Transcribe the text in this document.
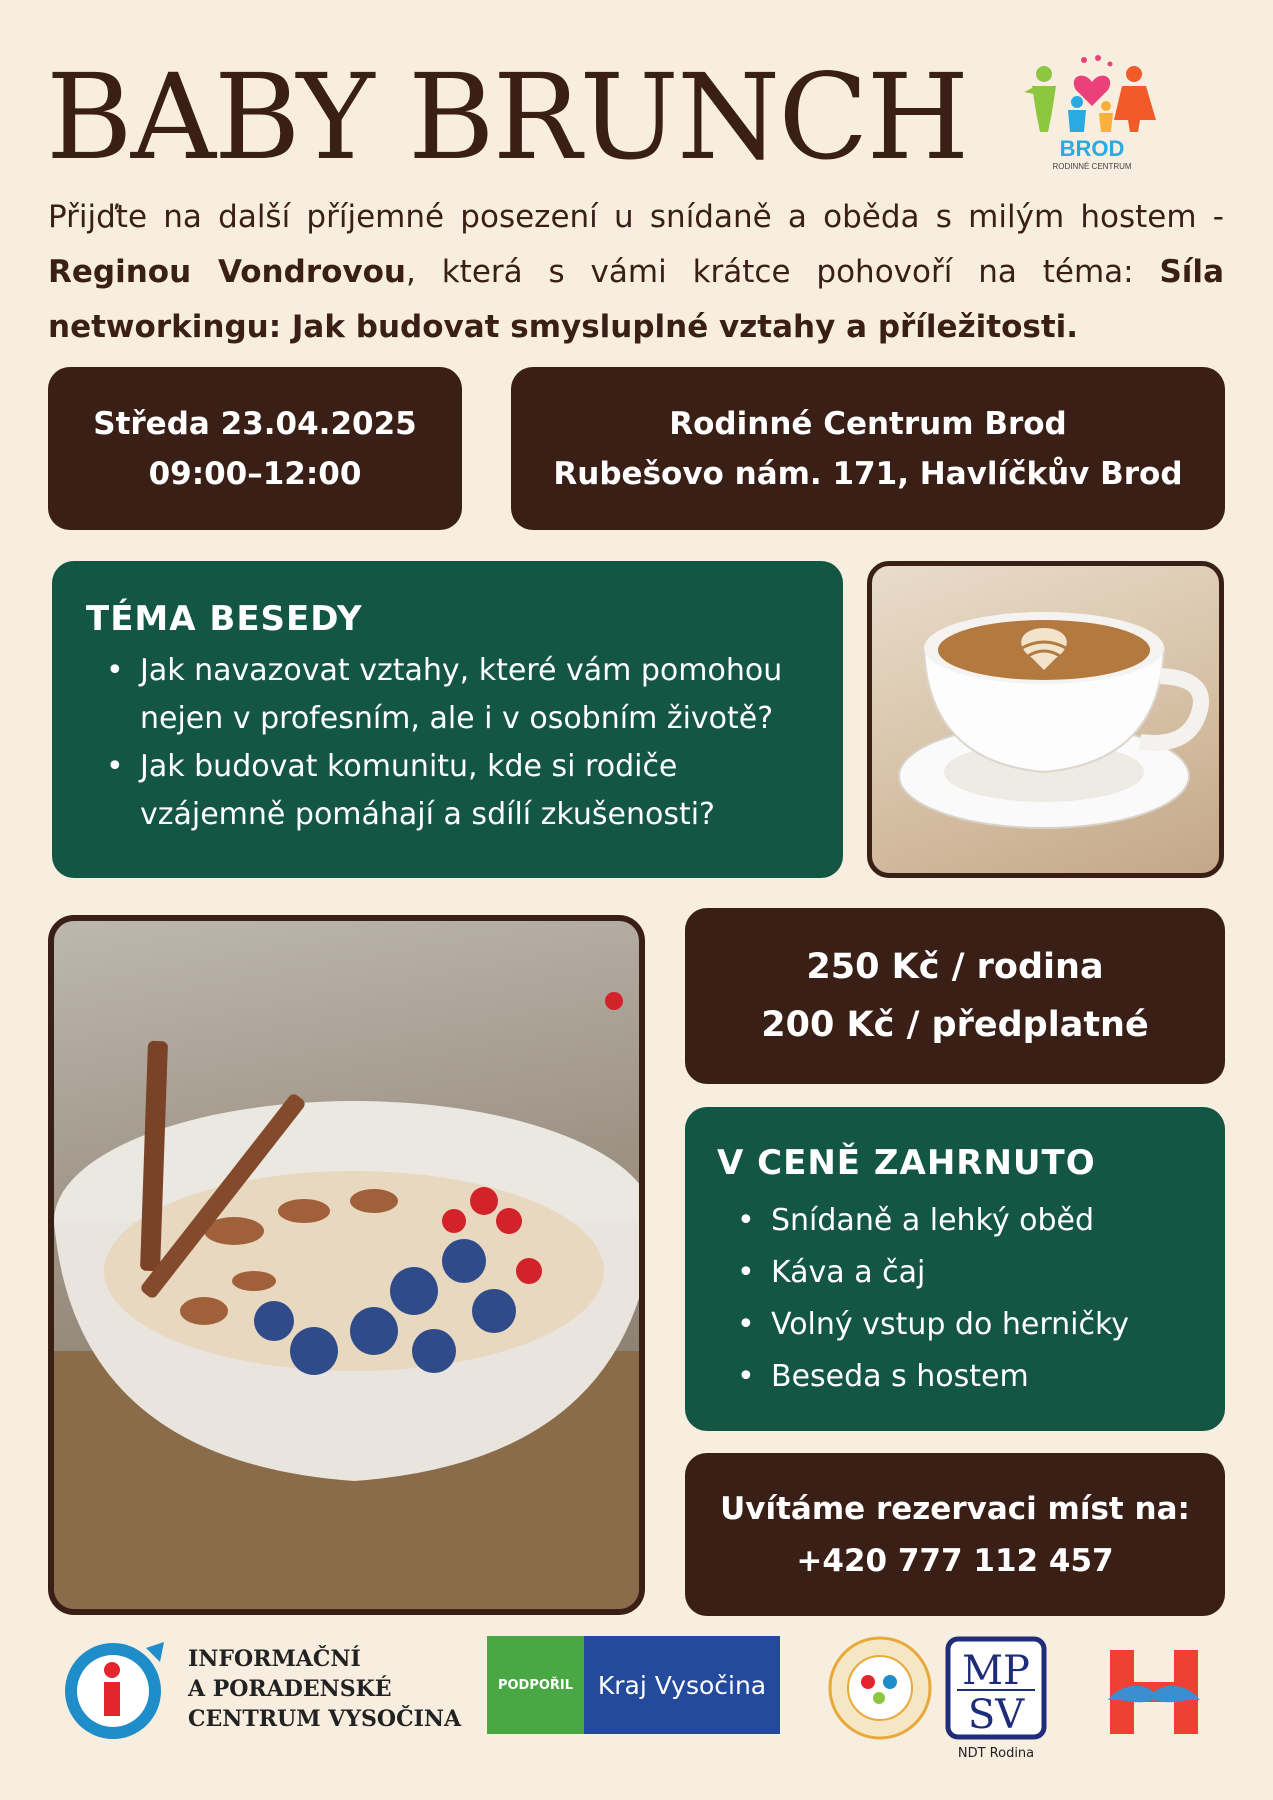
BABY BRUNCH	BROD
RODINNÉ CENTRUM
Přijďte na další příjemné posezení u snídaně a oběda s milým hostem - Reginou Vondrovou, která s vámi krátce pohovoří na téma: Síla networkingu: Jak budovat smysluplné vztahy a příležitosti.
Středa 23.04.2025
09:00–12:00
Rodinné Centrum Brod
Rubešovo nám. 171, Havlíčkův Brod
TÉMA BESEDY
• Jak navazovat vztahy, které vám pomohou nejen v profesním, ale i v osobním životě?
• Jak budovat komunitu, kde si rodiče vzájemně pomáhají a sdílí zkušenosti?
250 Kč / rodina
200 Kč / předplatné
V CENĚ ZAHRNUTO
• Snídaně a lehký oběd
• Káva a čaj
• Volný vstup do herničky
• Beseda s hostem
Uvítáme rezervaci míst na:
+420 777 112 457
INFORMAČNÍ
A PORADENSKÉ
CENTRUM VYSOČINA
PODPOŘIL Kraj Vysočina	MP
SV
NDT Rodina
